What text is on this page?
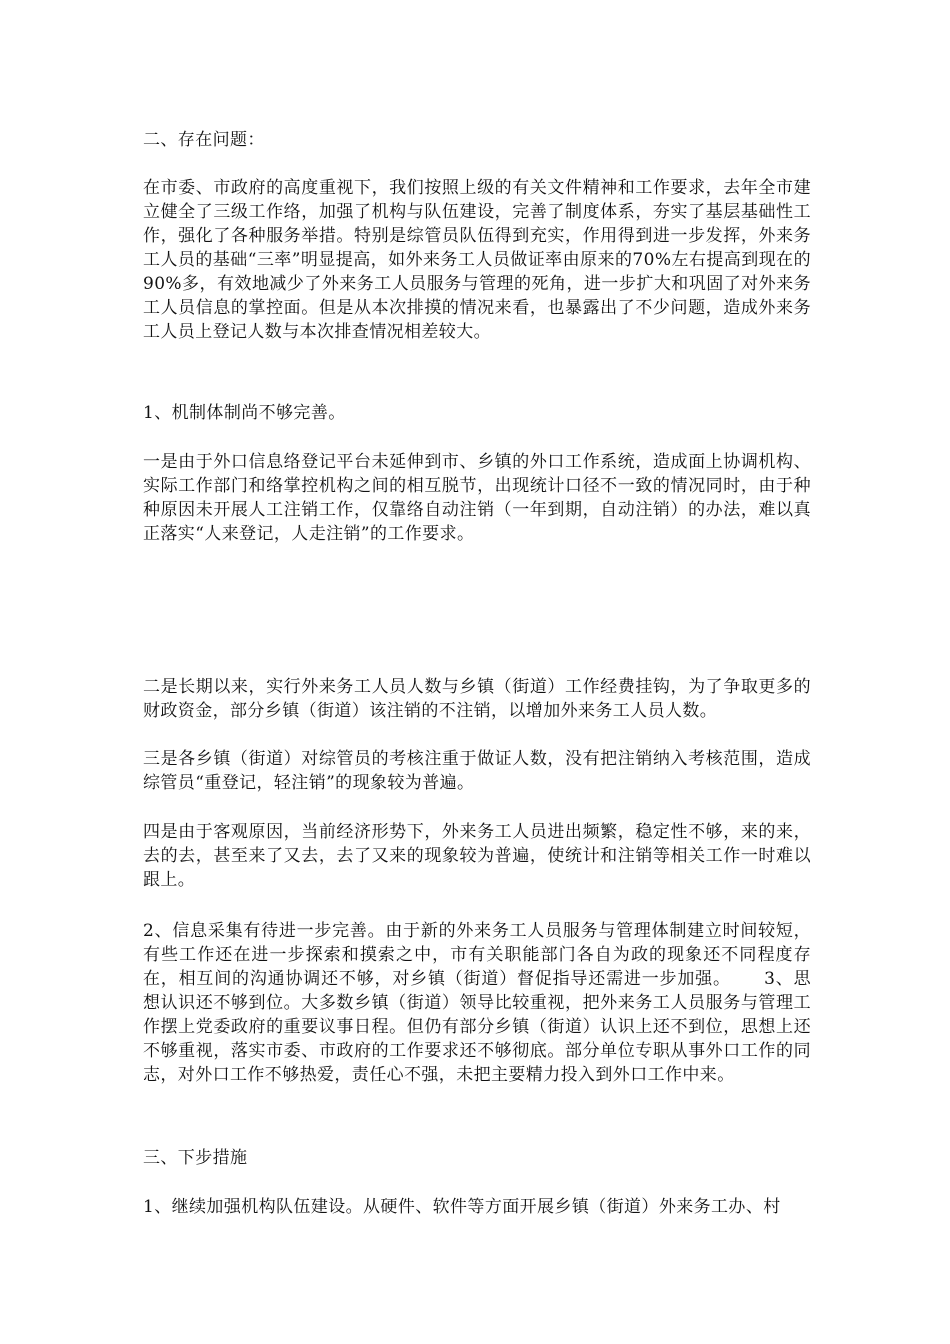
二、存在问题：
在市委、市政府的高度重视下，我们按照上级的有关文件精神和工作要求，去年全市建立健全了三级工作络，加强了机构与队伍建设，完善了制度体系，夯实了基层基础性工作，强化了各种服务举措。特别是综管员队伍得到充实，作用得到进一步发挥，外来务工人员的基础“三率”明显提高，如外来务工人员做证率由原来的70%左右提高到现在的90%多，有效地减少了外来务工人员服务与管理的死角，进一步扩大和巩固了对外来务工人员信息的掌控面。但是从本次排摸的情况来看，也暴露出了不少问题，造成外来务工人员上登记人数与本次排查情况相差较大。
1、机制体制尚不够完善。
一是由于外口信息络登记平台未延伸到市、乡镇的外口工作系统，造成面上协调机构、实际工作部门和络掌控机构之间的相互脱节，出现统计口径不一致的情况同时，由于种种原因未开展人工注销工作，仅靠络自动注销（一年到期，自动注销）的办法，难以真正落实“人来登记，人走注销”的工作要求。
二是长期以来，实行外来务工人员人数与乡镇（街道）工作经费挂钩，为了争取更多的财政资金，部分乡镇（街道）该注销的不注销，以增加外来务工人员人数。
三是各乡镇（街道）对综管员的考核注重于做证人数，没有把注销纳入考核范围，造成综管员“重登记，轻注销”的现象较为普遍。
四是由于客观原因，当前经济形势下，外来务工人员进出频繁，稳定性不够，来的来，去的去，甚至来了又去，去了又来的现象较为普遍，使统计和注销等相关工作一时难以跟上。
2、信息采集有待进一步完善。由于新的外来务工人员服务与管理体制建立时间较短，有些工作还在进一步探索和摸索之中，市有关职能部门各自为政的现象还不同程度存在，相互间的沟通协调还不够，对乡镇（街道）督促指导还需进一步加强。　　 3、思想认识还不够到位。大多数乡镇（街道）领导比较重视，把外来务工人员服务与管理工作摆上党委政府的重要议事日程。但仍有部分乡镇（街道）认识上还不到位，思想上还不够重视，落实市委、市政府的工作要求还不够彻底。部分单位专职从事外口工作的同志，对外口工作不够热爱，责任心不强，未把主要精力投入到外口工作中来。
三、下步措施
1、继续加强机构队伍建设。从硬件、软件等方面开展乡镇（街道）外来务工办、村
